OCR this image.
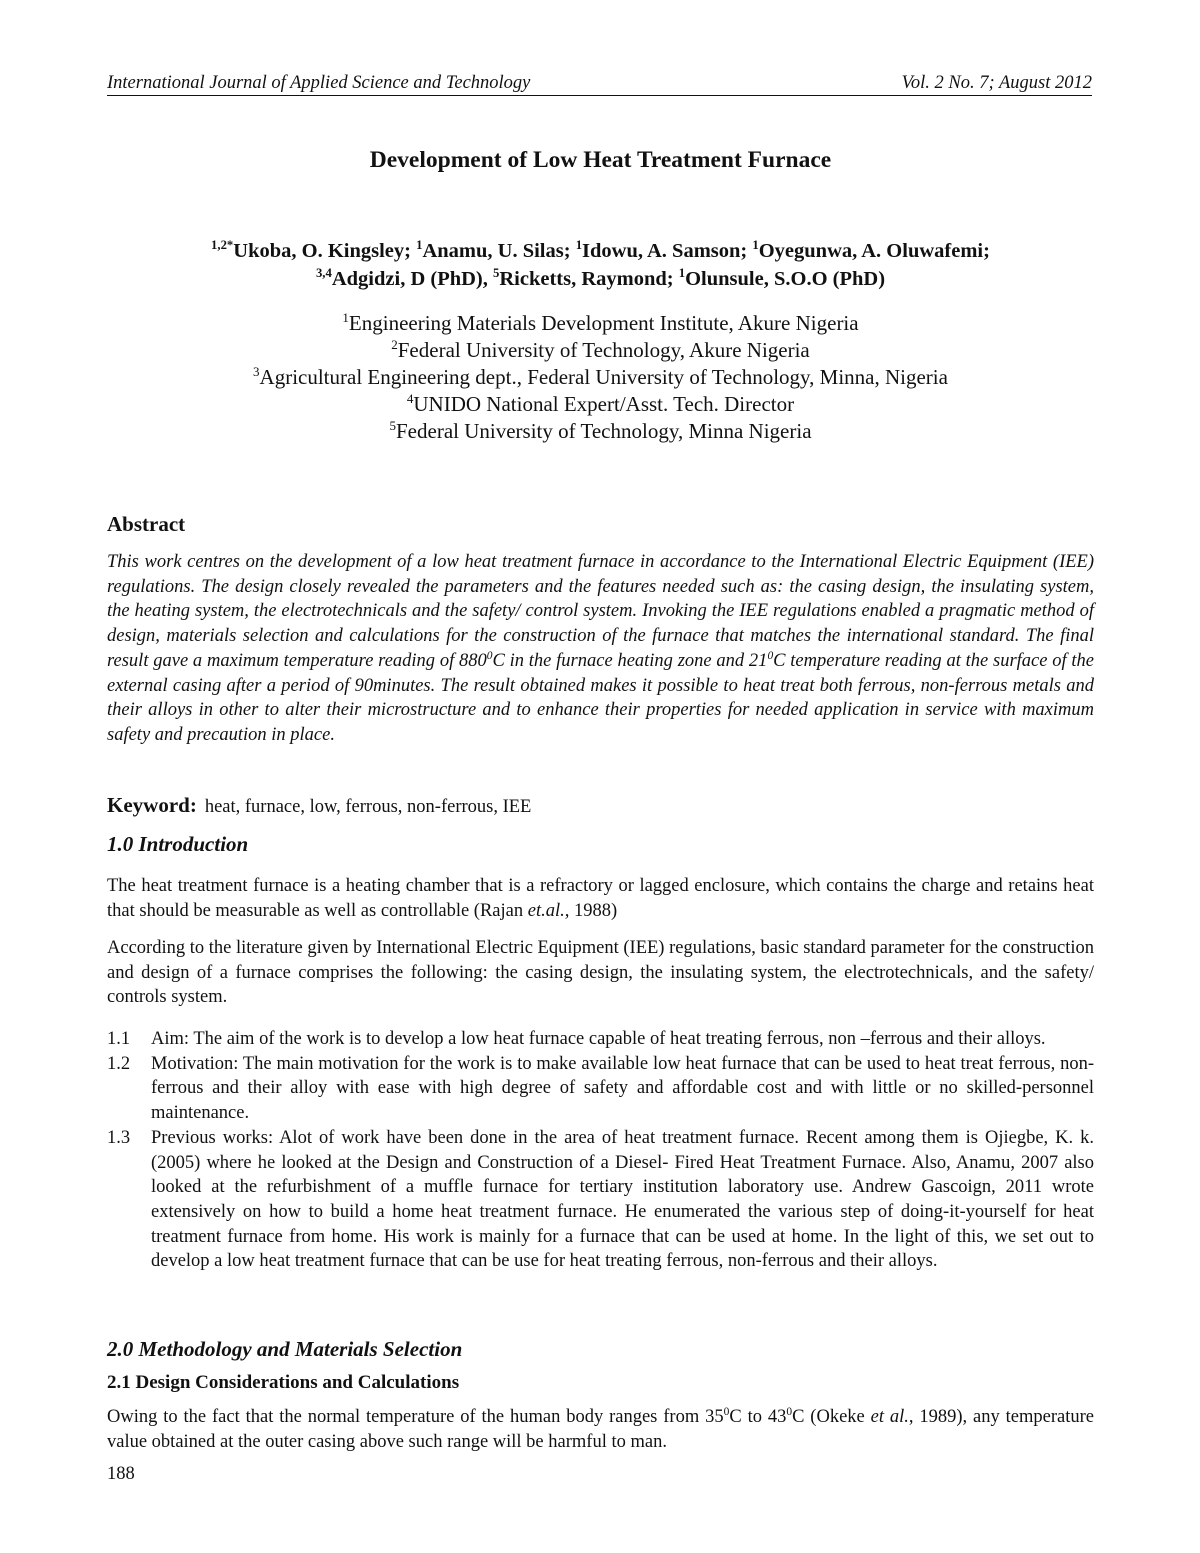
International Journal of Applied Science and Technology	Vol. 2 No. 7; August 2012
Development of Low Heat Treatment Furnace
$^{1,2*}$Ukoba, O. Kingsley; $^1$Anamu, U. Silas; $^1$Idowu, A. Samson; $^1$Oyegunwa, A. Oluwafemi;
$^{3,4}$Adgidzi, D (PhD), $^5$Ricketts, Raymond; $^1$Olunsule, S.O.O (PhD)
$^1$Engineering Materials Development Institute, Akure Nigeria
$^2$Federal University of Technology, Akure Nigeria
$^3$Agricultural Engineering dept., Federal University of Technology, Minna, Nigeria
$^4$UNIDO National Expert/Asst. Tech. Director
$^5$Federal University of Technology, Minna Nigeria
Abstract
This work centres on the development of a low heat treatment furnace in accordance to the International Electric Equipment (IEE) regulations. The design closely revealed the parameters and the features needed such as: the casing design, the insulating system, the heating system, the electrotechnicals and the safety/ control system. Invoking the IEE regulations enabled a pragmatic method of design, materials selection and calculations for the construction of the furnace that matches the international standard. The final result gave a maximum temperature reading of $880^0C$ in the furnace heating zone and $21^0C$ temperature reading at the surface of the external casing after a period of 90minutes. The result obtained makes it possible to heat treat both ferrous, non-ferrous metals and their alloys in other to alter their microstructure and to enhance their properties for needed application in service with maximum safety and precaution in place.
Keyword: heat, furnace, low, ferrous, non-ferrous, IEE
1.0 Introduction
The heat treatment furnace is a heating chamber that is a refractory or lagged enclosure, which contains the charge and retains heat that should be measurable as well as controllable (Rajan et.al., 1988)
According to the literature given by International Electric Equipment (IEE) regulations, basic standard parameter for the construction and design of a furnace comprises the following: the casing design, the insulating system, the electrotechnicals, and the safety/ controls system.
1.1	Aim: The aim of the work is to develop a low heat furnace capable of heat treating ferrous, non –ferrous and their alloys.
1.2	Motivation: The main motivation for the work is to make available low heat furnace that can be used to heat treat ferrous, non-ferrous and their alloy with ease with high degree of safety and affordable cost and with little or no skilled-personnel maintenance.
1.3	Previous works: Alot of work have been done in the area of heat treatment furnace. Recent among them is Ojiegbe, K. k. (2005) where he looked at the Design and Construction of a Diesel- Fired Heat Treatment Furnace. Also, Anamu, 2007 also looked at the refurbishment of a muffle furnace for tertiary institution laboratory use. Andrew Gascoign, 2011 wrote extensively on how to build a home heat treatment furnace. He enumerated the various step of doing-it-yourself for heat treatment furnace from home. His work is mainly for a furnace that can be used at home. In the light of this, we set out to develop a low heat treatment furnace that can be use for heat treating ferrous, non-ferrous and their alloys.
2.0 Methodology and Materials Selection
2.1 Design Considerations and Calculations
Owing to the fact that the normal temperature of the human body ranges from $35^0C$ to $43^0C$ (Okeke et al., 1989), any temperature value obtained at the outer casing above such range will be harmful to man.
188
